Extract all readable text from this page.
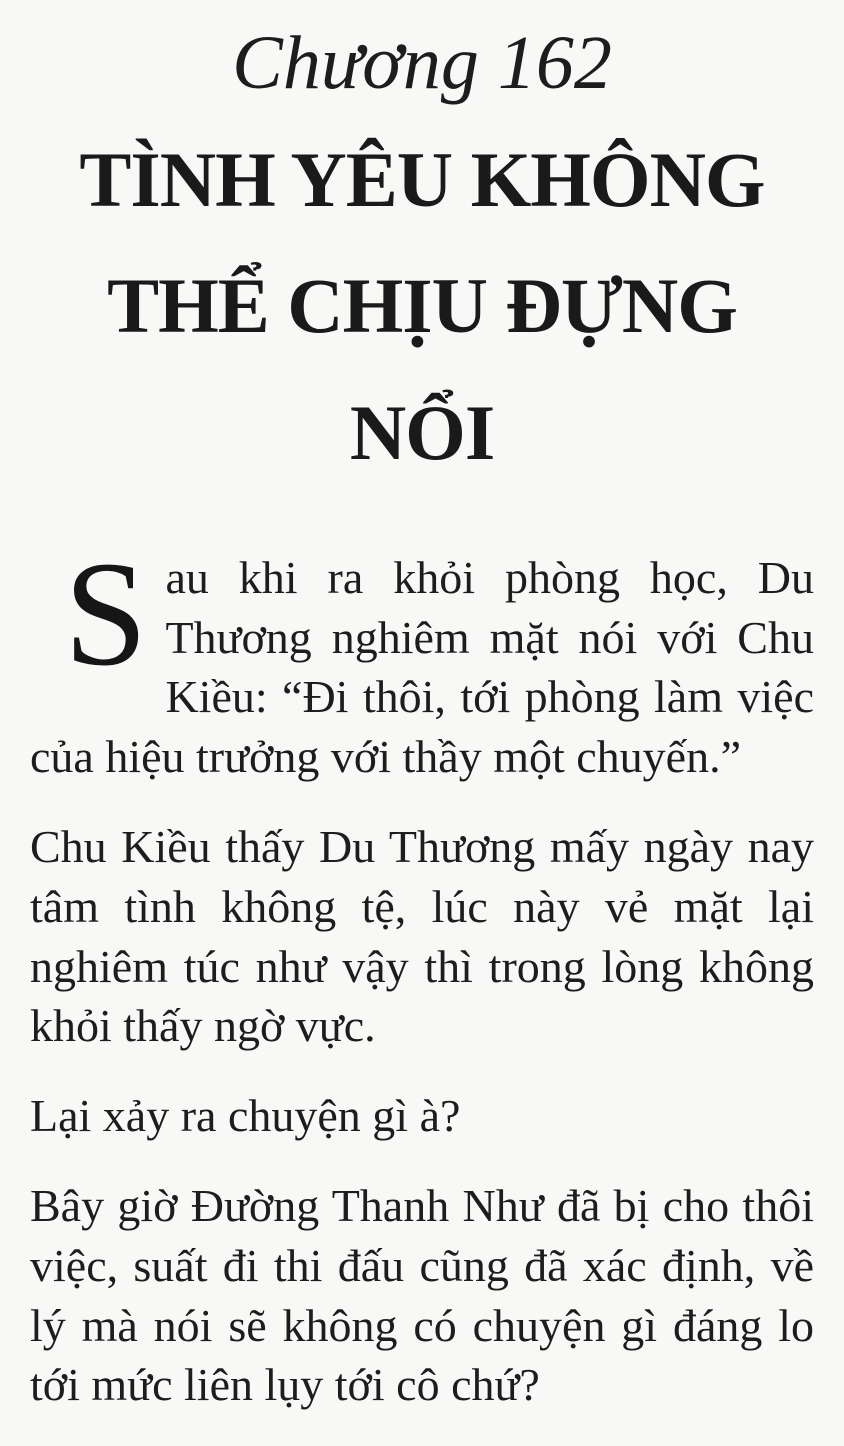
Chương 162
TÌNH YÊU KHÔNG THỂ CHỊU ĐỰNG NỔI

Sau khi ra khỏi phòng học, Du Thương nghiêm mặt nói với Chu Kiều: “Đi thôi, tới phòng làm việc của hiệu trưởng với thầy một chuyến.”

Chu Kiều thấy Du Thương mấy ngày nay tâm tình không tệ, lúc này vẻ mặt lại nghiêm túc như vậy thì trong lòng không khỏi thấy ngờ vực.

Lại xảy ra chuyện gì à?

Bây giờ Đường Thanh Như đã bị cho thôi việc, suất đi thi đấu cũng đã xác định, về lý mà nói sẽ không có chuyện gì đáng lo tới mức liên lụy tới cô chứ?
